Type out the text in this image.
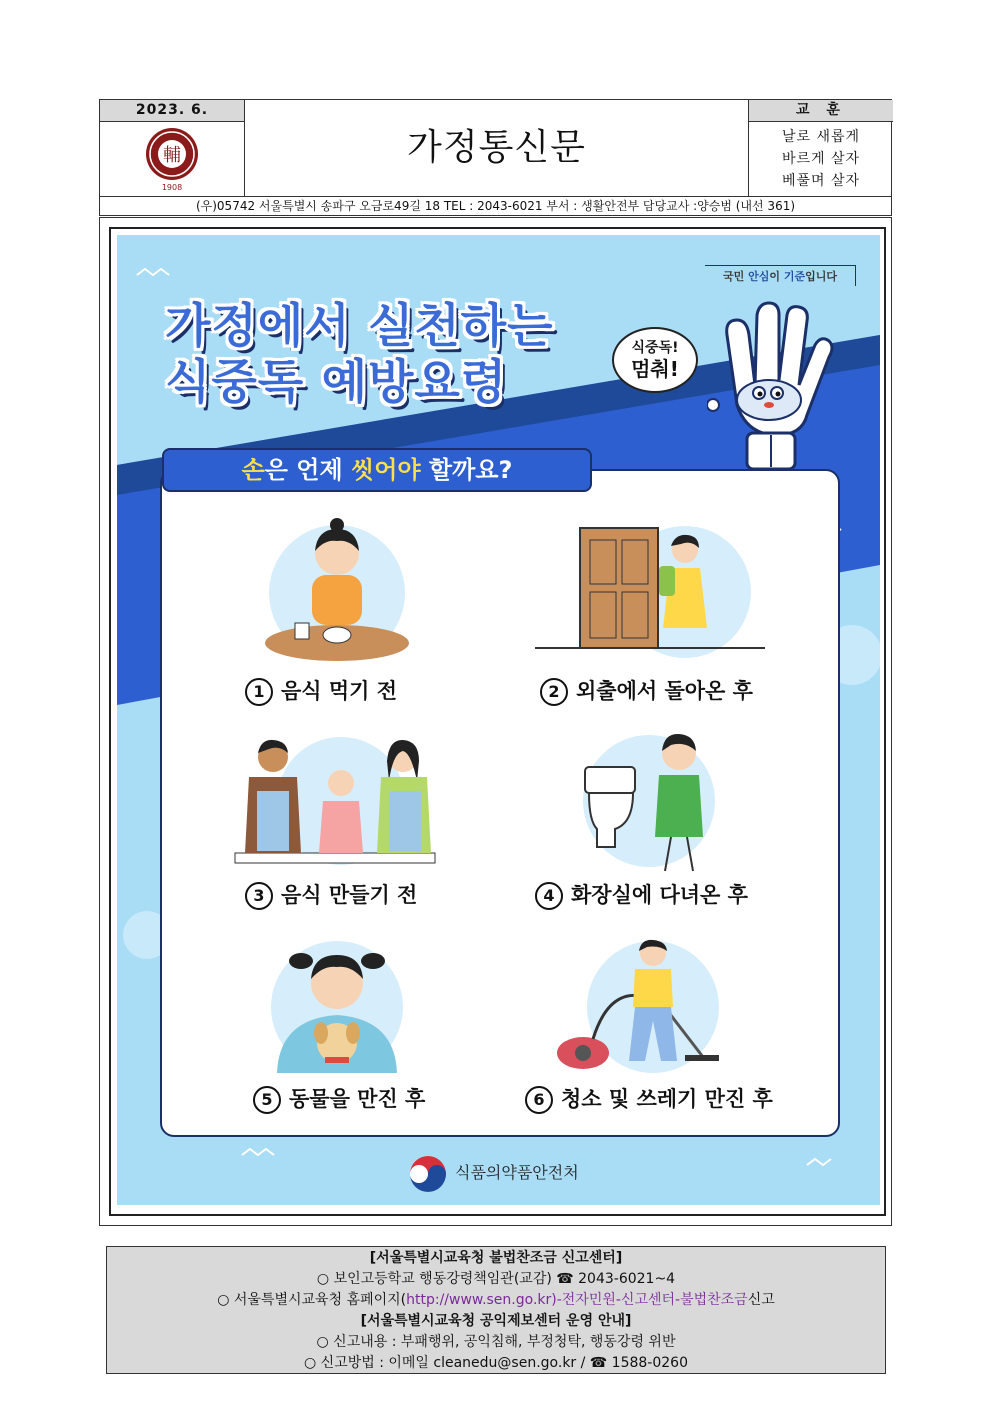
2023. 6.
輔
1908
가정통신문
교 훈
날로 새롭게
바르게 살자
베풀며 살자
(우)05742 서울특별시 송파구 오금로49길 18 TEL : 2043-6021 부서 : 생활안전부 담당교사 :양승범 (내선 361)
국민 안심이 기준입니다
가정에서 실천하는
식중독 예방요령
식중독!
멈춰!
손은 언제 씻어야 할까요?
1 음식 먹기 전	2 외출에서 돌아온 후
3 음식 만들기 전	4 화장실에 다녀온 후
5 동물을 만진 후	6 청소 및 쓰레기 만진 후
식품의약품안전처
[서울특별시교육청 불법찬조금 신고센터]
○ 보인고등학교 행동강령책임관(교감) ☎ 2043-6021~4
○ 서울특별시교육청 홈페이지(http://www.sen.go.kr)-전자민원-신고센터-불법찬조금신고
[서울특별시교육청 공익제보센터 운영 안내]
○ 신고내용 : 부패행위, 공익침해, 부정청탁, 행동강령 위반
○ 신고방법 : 이메일 cleanedu@sen.go.kr / ☎ 1588-0260
